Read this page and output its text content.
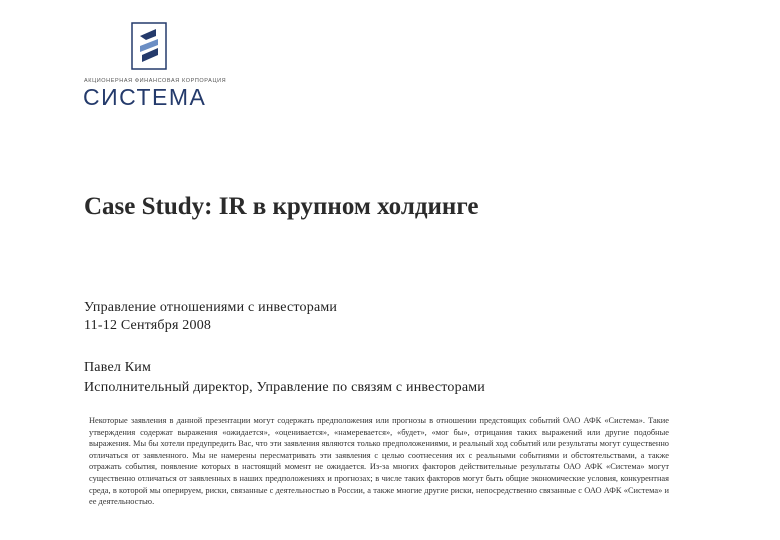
АКЦИОНЕРНАЯ ФИНАНСОВАЯ КОРПОРАЦИЯ
СИСТЕМА
Case Study: IR в крупном холдинге
Управление отношениями с инвесторами
11-12 Сентября 2008
Павел Ким
Исполнительный директор, Управление по связям с инвесторами
Некоторые заявления в данной презентации могут содержать предположения или прогнозы в отношении предстоящих событий ОАО АФК «Система». Такие утверждения содержат выражения «ожидается», «оценивается», «намеревается», «будет», «мог бы», отрицания таких выражений или другие подобные выражения. Мы бы хотели предупредить Вас, что эти заявления являются только предположениями, и реальный ход событий или результаты могут существенно отличаться от заявленного. Мы не намерены пересматривать эти заявления с целью соотнесения их с реальными событиями и обстоятельствами, а также отражать события, появление которых в настоящий момент не ожидается. Из-за многих факторов действительные результаты ОАО АФК «Система» могут существенно отличаться от заявленных в наших предположениях и прогнозах; в числе таких факторов могут быть общие экономические условия, конкурентная среда, в которой мы оперируем, риски, связанные с деятельностью в России, а также многие другие риски, непосредственно связанные с ОАО АФК «Система» и ее деятельностью.
